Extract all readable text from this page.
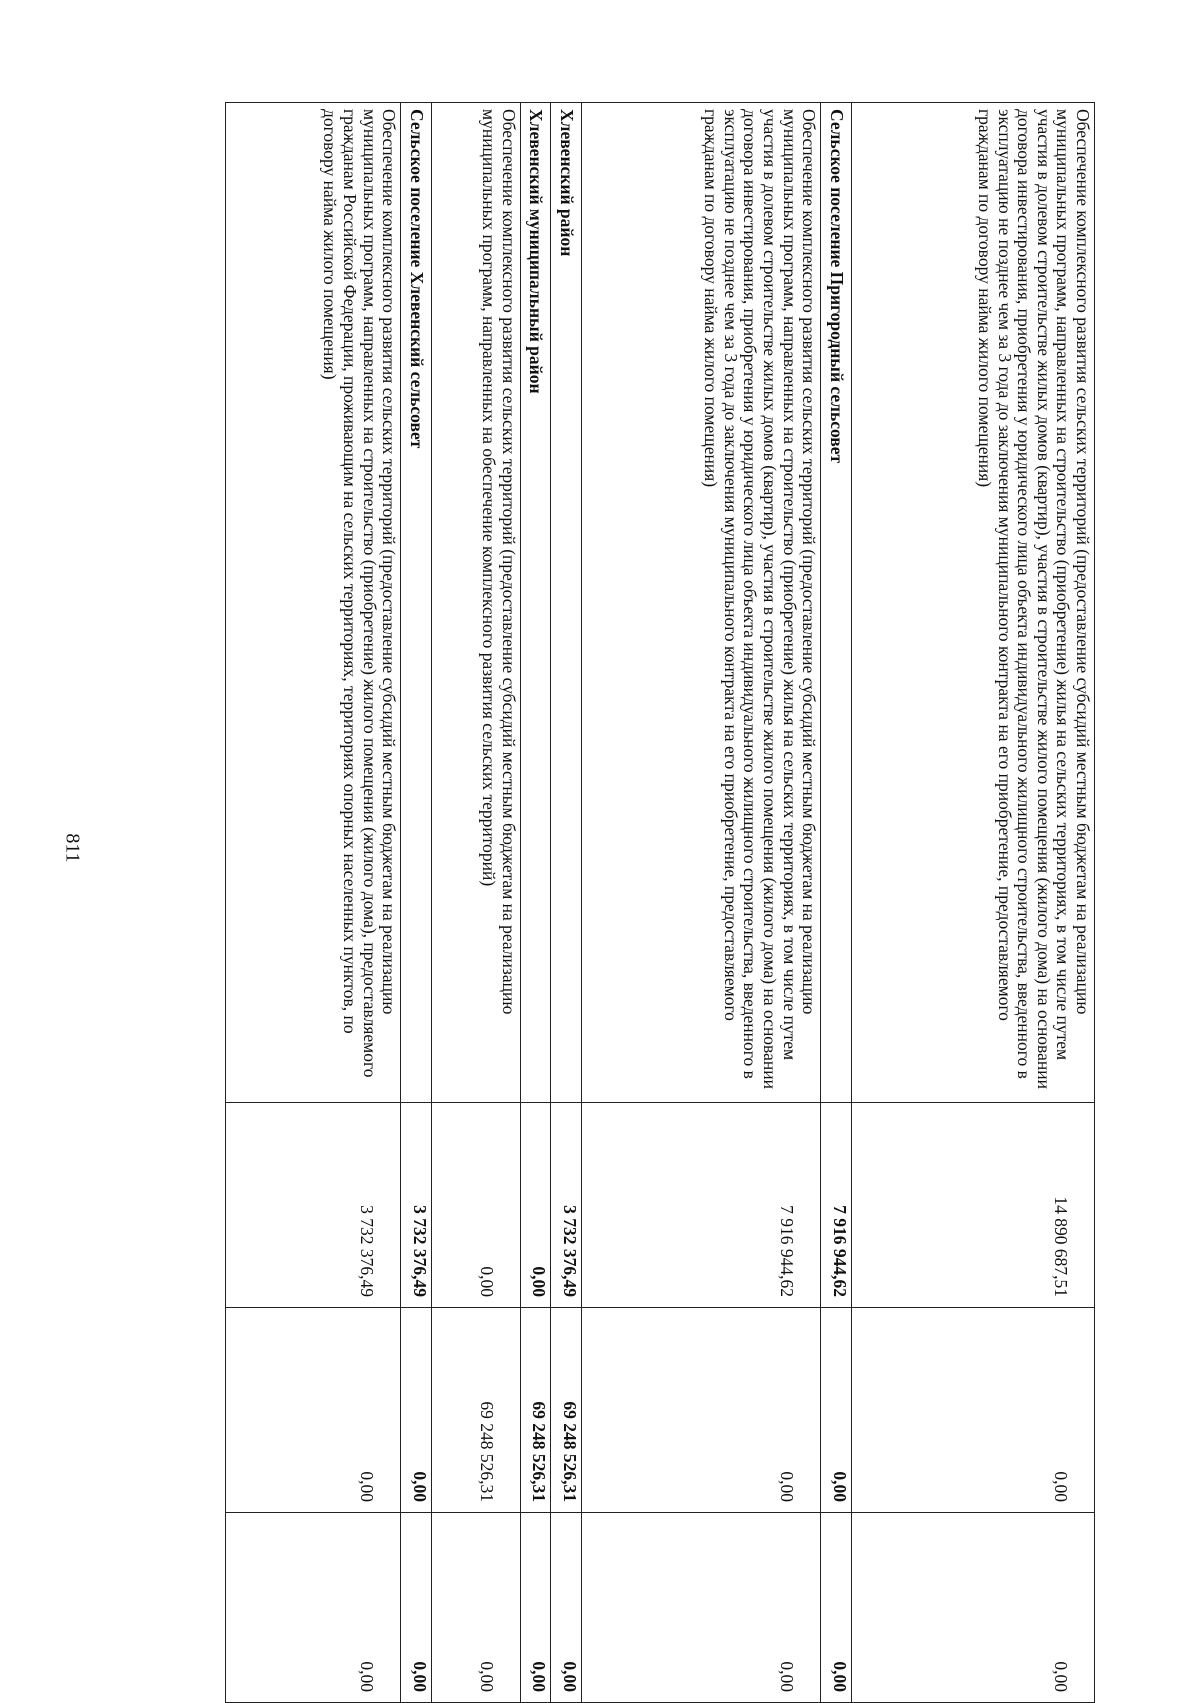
811	Обеспечение комплексного развития сельских территорий (предоставление субсидий местным бюджетам на реализацию муниципальных программ, направленных на строительство (приобретение) жилья на сельских территориях, в том числе путем участия в долевом строительстве жилых домов (квартир), участия в строительстве жилого помещения (жилого дома) на основании договора инвестирования, приобретения у юридического лица объекта индивидуального жилищного строительства, введенного в эксплуатацию не позднее чем за 3 года до заключения муниципального контракта на его приобретение, предоставляемого гражданам по договору найма жилого помещения)	14 890 687,51	0,00	0,00
Сельское поселение Пригородный сельсовет	7 916 944,62	0,00	0,00
Обеспечение комплексного развития сельских территорий (предоставление субсидий местным бюджетам на реализацию муниципальных программ, направленных на строительство (приобретение) жилья на сельских территориях, в том числе путем участия в долевом строительстве жилых домов (квартир), участия в строительстве жилого помещения (жилого дома) на основании договора инвестирования, приобретения у юридического лица объекта индивидуального жилищного строительства, введенного в эксплуатацию не позднее чем за 3 года до заключения муниципального контракта на его приобретение, предоставляемого гражданам по договору найма жилого помещения)	7 916 944,62	0,00	0,00
Хлевенский район	3 732 376,49	69 248 526,31	0,00
Хлевенский муниципальный район	0,00	69 248 526,31	0,00
Обеспечение комплексного развития сельских территорий (предоставление субсидий местным бюджетам на реализацию муниципальных программ, направленных на обеспечение комплексного развития сельских территорий)	0,00	69 248 526,31	0,00
Сельское поселение Хлевенский сельсовет	3 732 376,49	0,00	0,00
Обеспечение комплексного развития сельских территорий (предоставление субсидий местным бюджетам на реализацию муниципальных программ, направленных на строительство (приобретение) жилого помещения (жилого дома), предоставляемого гражданам Российской Федерации, проживающим на сельских территориях, территориях опорных населенных пунктов, по договору найма жилого помещения)	3 732 376,49	0,00	0,00
